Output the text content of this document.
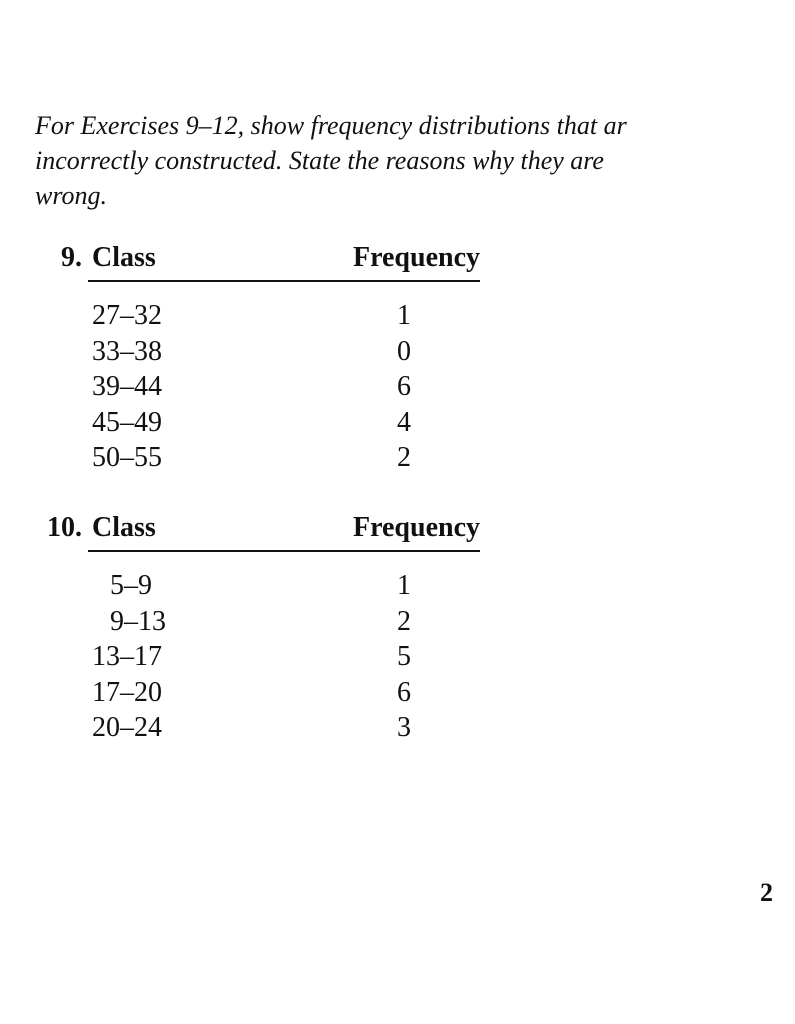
For Exercises 9–12, show frequency distributions that ar
incorrectly constructed. State the reasons why they are
wrong.
9. Class	Frequency
27–32	1
33–38	0
39–44	6
45–49	4
50–55	2
10. Class	Frequency
5–9	1
9–13	2
13–17	5
17–20	6
20–24	3
2
